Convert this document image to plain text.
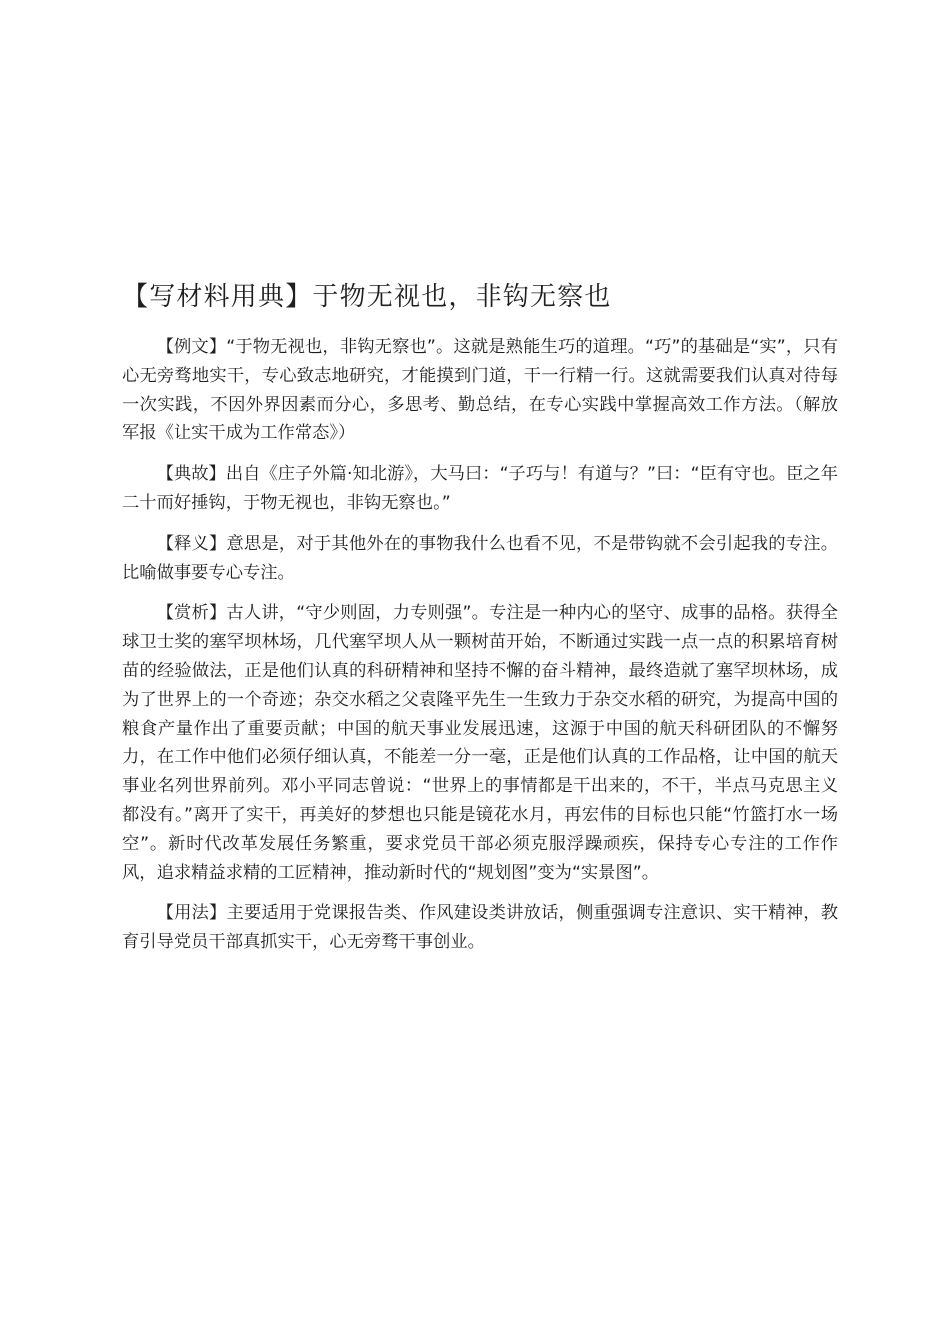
【写材料用典】于物无视也，非钩无察也

【例文】“于物无视也，非钩无察也”。这就是熟能生巧的道理。“巧”的基础是“实”，只有心无旁骛地实干，专心致志地研究，才能摸到门道，干一行精一行。这就需要我们认真对待每一次实践，不因外界因素而分心，多思考、勤总结，在专心实践中掌握高效工作方法。（解放军报《让实干成为工作常态》）

【典故】出自《庄子外篇·知北游》，大马曰：“子巧与！有道与？”曰：“臣有守也。臣之年二十而好捶钩，于物无视也，非钩无察也。”

【释义】意思是，对于其他外在的事物我什么也看不见，不是带钩就不会引起我的专注。比喻做事要专心专注。

【赏析】古人讲，“守少则固，力专则强”。专注是一种内心的坚守、成事的品格。获得全球卫士奖的塞罕坝林场，几代塞罕坝人从一颗树苗开始，不断通过实践一点一点的积累培育树苗的经验做法，正是他们认真的科研精神和坚持不懈的奋斗精神，最终造就了塞罕坝林场，成为了世界上的一个奇迹；杂交水稻之父袁隆平先生一生致力于杂交水稻的研究，为提高中国的粮食产量作出了重要贡献；中国的航天事业发展迅速，这源于中国的航天科研团队的不懈努力，在工作中他们必须仔细认真，不能差一分一毫，正是他们认真的工作品格，让中国的航天事业名列世界前列。邓小平同志曾说：“世界上的事情都是干出来的，不干，半点马克思主义都没有。”离开了实干，再美好的梦想也只能是镜花水月，再宏伟的目标也只能“竹篮打水一场空”。新时代改革发展任务繁重，要求党员干部必须克服浮躁顽疾，保持专心专注的工作作风，追求精益求精的工匠精神，推动新时代的“规划图”变为“实景图”。

【用法】主要适用于党课报告类、作风建设类讲放话，侧重强调专注意识、实干精神，教育引导党员干部真抓实干，心无旁骛干事创业。
